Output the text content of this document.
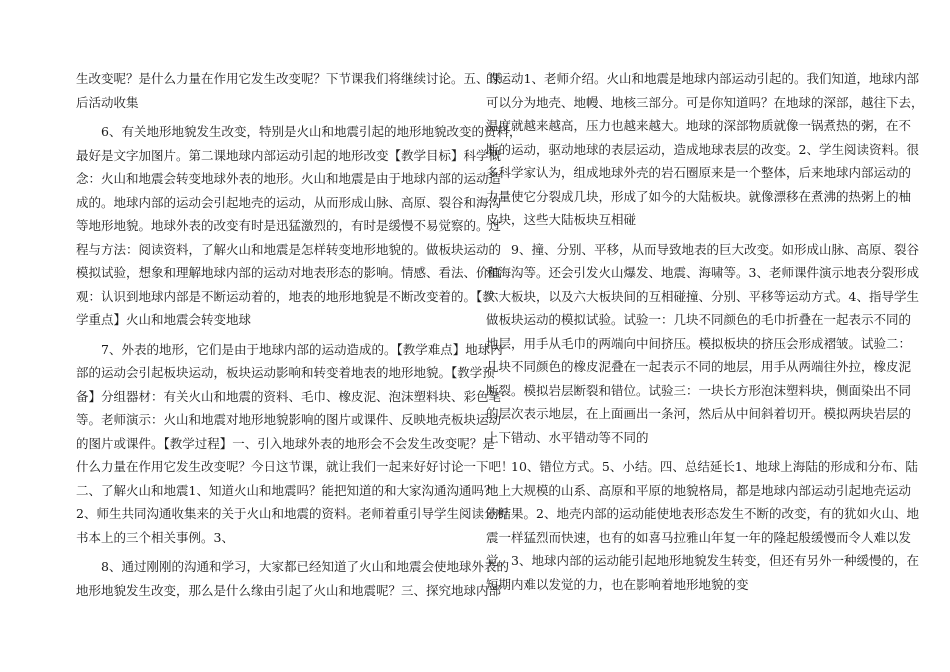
生改变呢？是什么力量在作用它发生改变呢？下节课我们将继续讨论。五、课
后活动收集
6、有关地形地貌发生改变，特别是火山和地震引起的地形地貌改变的资料，
最好是文字加图片。第二课地球内部运动引起的地形改变【教学目标】科学概
念：火山和地震会转变地球外表的地形。火山和地震是由于地球内部的运动造
成的。地球内部的运动会引起地壳的运动，从而形成山脉、高原、裂谷和海沟
等地形地貌。地球外表的改变有时是迅猛激烈的，有时是缓慢不易觉察的。过
程与方法：阅读资料，了解火山和地震是怎样转变地形地貌的。做板块运动的
模拟试验，想象和理解地球内部的运动对地表形态的影响。情感、看法、价值
观：认识到地球内部是不断运动着的，地表的地形地貌是不断改变着的。【教
学重点】火山和地震会转变地球
7、外表的地形，它们是由于地球内部的运动造成的。【教学难点】地球内
部的运动会引起板块运动，板块运动影响和转变着地表的地形地貌。【教学预
备】分组器材：有关火山和地震的资料、毛巾、橡皮泥、泡沫塑料块、彩色笔
等。老师演示：火山和地震对地形地貌影响的图片或课件、反映地壳板块运动
的图片或课件。【教学过程】一、引入地球外表的地形会不会发生改变呢？是
什么力量在作用它发生改变呢？今日这节课，就让我们一起来好好讨论一下吧！
二、了解火山和地震1、知道火山和地震吗？能把知道的和大家沟通沟通吗？
2、师生共同沟通收集来的关于火山和地震的资料。老师着重引导学生阅读分析
书本上的三个相关事例。3、
8、通过刚刚的沟通和学习，大家都已经知道了火山和地震会使地球外表的
地形地貌发生改变，那么是什么缘由引起了火山和地震呢？三、探究地球内部
的运动1、老师介绍。火山和地震是地球内部运动引起的。我们知道，地球内部
可以分为地壳、地幔、地核三部分。可是你知道吗？在地球的深部，越往下去，
温度就越来越高，压力也越来越大。地球的深部物质就像一锅煮热的粥，在不
断的运动，驱动地球的表层运动，造成地球表层的改变。2、学生阅读资料。很
多科学家认为，组成地球外壳的岩石圈原来是一个整体，后来地球内部运动的
力量使它分裂成几块，形成了如今的大陆板块。就像漂移在煮沸的热粥上的柚
皮块，这些大陆板块互相碰
9、撞、分别、平移，从而导致地表的巨大改变。如形成山脉、高原、裂谷
和海沟等。还会引发火山爆发、地震、海啸等。3、老师课件演示地表分裂形成
六大板块，以及六大板块间的互相碰撞、分别、平移等运动方式。4、指导学生
做板块运动的模拟试验。试验一：几块不同颜色的毛巾折叠在一起表示不同的
地层，用手从毛巾的两端向中间挤压。模拟板块的挤压会形成褶皱。试验二：
几块不同颜色的橡皮泥叠在一起表示不同的地层，用手从两端往外拉，橡皮泥
断裂。模拟岩层断裂和错位。试验三：一块长方形泡沫塑料块，侧面染出不同
的层次表示地层，在上面画出一条河，然后从中间斜着切开。模拟两块岩层的
上下错动、水平错动等不同的
10、错位方式。5、小结。四、总结延长1、地球上海陆的形成和分布、陆
地上大规模的山系、高原和平原的地貌格局，都是地球内部运动引起地壳运动
的结果。2、地壳内部的运动能使地表形态发生不断的改变，有的犹如火山、地
震一样猛烈而快速，也有的如喜马拉雅山年复一年的隆起般缓慢而令人难以发
觉。3、地球内部的运动能引起地形地貌发生转变，但还有另外一种缓慢的，在
短期内难以发觉的力，也在影响着地形地貌的变
